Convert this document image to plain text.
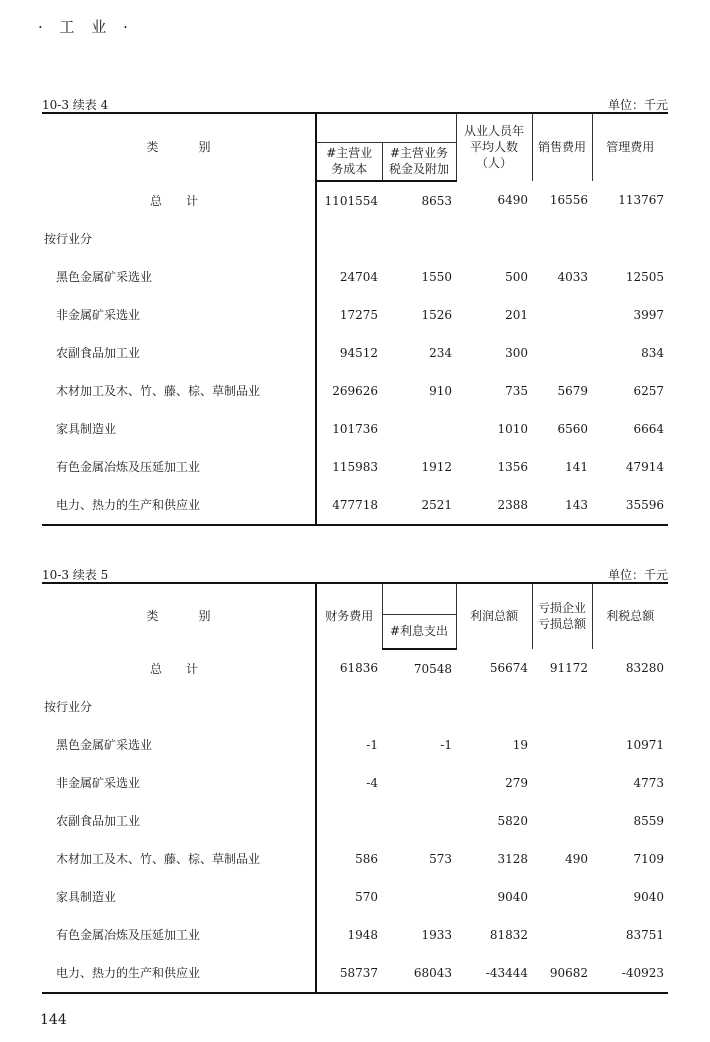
· 工 业 ·
10-3 续表 4	单位：千元
类 别			从业人员年平均人数（人）	销售费用	管理费用
	#主营业务成本	#主营业务税金及附加			
总　　计	1101554	8653	6490	16556	113767
按行业分					
黑色金属矿采选业	24704	1550	500	4033	12505
非金属矿采选业	17275	1526	201		3997
农副食品加工业	94512	234	300		834
木材加工及木、竹、藤、棕、草制品业	269626	910	735	5679	6257
家具制造业	101736		1010	6560	6664
有色金属冶炼及压延加工业	115983	1912	1356	141	47914
电力、热力的生产和供应业	477718	2521	2388	143	35596
10-3 续表 5	单位：千元
类 别	财务费用		利润总额	亏损企业亏损总额	利税总额
		#利息支出			
总　　计	61836	70548	56674	91172	83280
按行业分					
黑色金属矿采选业	-1	-1	19		10971
非金属矿采选业	-4		279		4773
农副食品加工业			5820		8559
木材加工及木、竹、藤、棕、草制品业	586	573	3128	490	7109
家具制造业	570		9040		9040
有色金属冶炼及压延加工业	1948	1933	81832		83751
电力、热力的生产和供应业	58737	68043	-43444	90682	-40923
144
